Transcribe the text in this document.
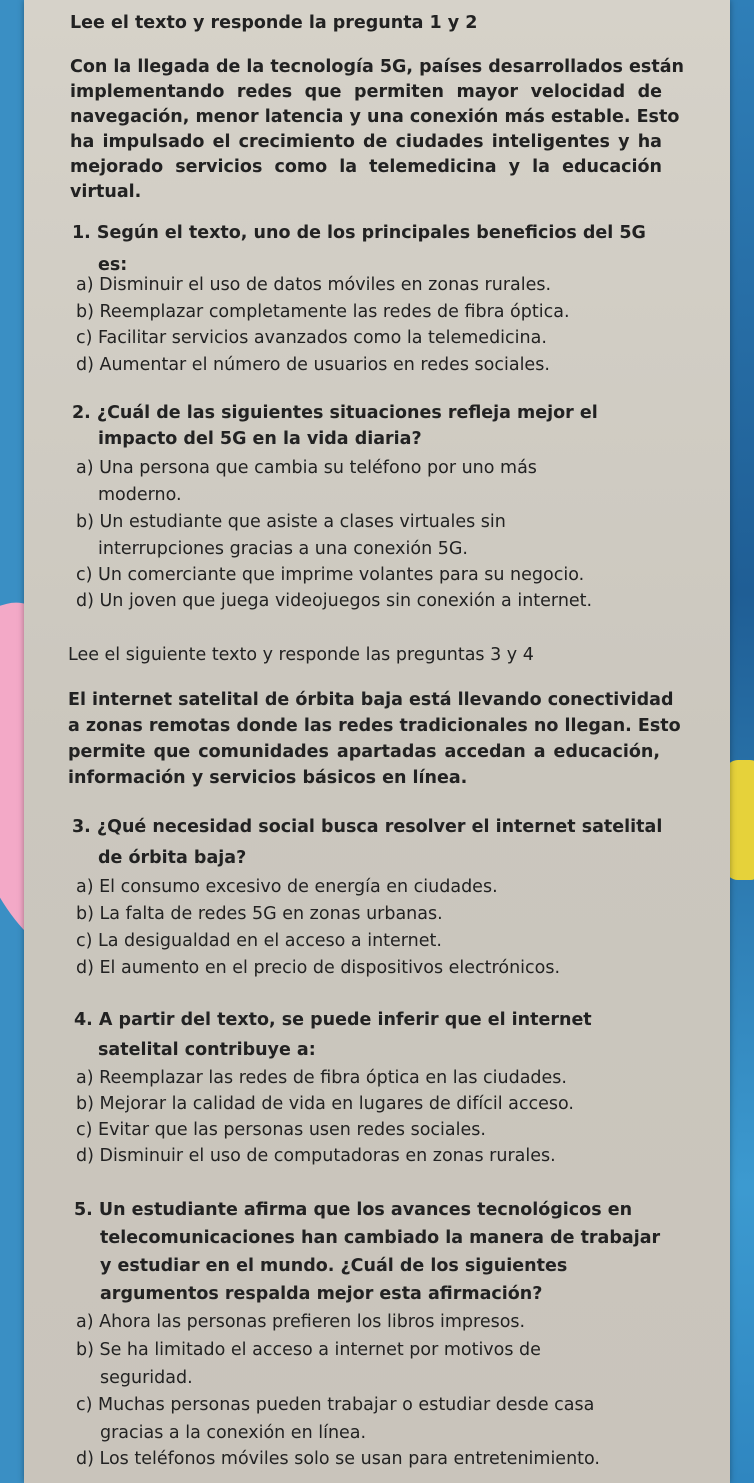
Lee el texto y responde la pregunta 1 y 2
Con la llegada de la tecnología 5G, países desarrollados están
implementando redes que permiten mayor velocidad de
navegación, menor latencia y una conexión más estable. Esto
ha impulsado el crecimiento de ciudades inteligentes y ha
mejorado servicios como la telemedicina y la educación
virtual.
1. Según el texto, uno de los principales beneficios del 5G
es:
a) Disminuir el uso de datos móviles en zonas rurales.
b) Reemplazar completamente las redes de fibra óptica.
c) Facilitar servicios avanzados como la telemedicina.
d) Aumentar el número de usuarios en redes sociales.
2. ¿Cuál de las siguientes situaciones refleja mejor el
impacto del 5G en la vida diaria?
a) Una persona que cambia su teléfono por uno más
moderno.
b) Un estudiante que asiste a clases virtuales sin
interrupciones gracias a una conexión 5G.
c) Un comerciante que imprime volantes para su negocio.
d) Un joven que juega videojuegos sin conexión a internet.
Lee el siguiente texto y responde las preguntas 3 y 4
El internet satelital de órbita baja está llevando conectividad
a zonas remotas donde las redes tradicionales no llegan. Esto
permite que comunidades apartadas accedan a educación,
información y servicios básicos en línea.
3. ¿Qué necesidad social busca resolver el internet satelital
de órbita baja?
a) El consumo excesivo de energía en ciudades.
b) La falta de redes 5G en zonas urbanas.
c) La desigualdad en el acceso a internet.
d) El aumento en el precio de dispositivos electrónicos.
4. A partir del texto, se puede inferir que el internet
satelital contribuye a:
a) Reemplazar las redes de fibra óptica en las ciudades.
b) Mejorar la calidad de vida en lugares de difícil acceso.
c) Evitar que las personas usen redes sociales.
d) Disminuir el uso de computadoras en zonas rurales.
5. Un estudiante afirma que los avances tecnológicos en
telecomunicaciones han cambiado la manera de trabajar
y estudiar en el mundo. ¿Cuál de los siguientes
argumentos respalda mejor esta afirmación?
a) Ahora las personas prefieren los libros impresos.
b) Se ha limitado el acceso a internet por motivos de
seguridad.
c) Muchas personas pueden trabajar o estudiar desde casa
gracias a la conexión en línea.
d) Los teléfonos móviles solo se usan para entretenimiento.
